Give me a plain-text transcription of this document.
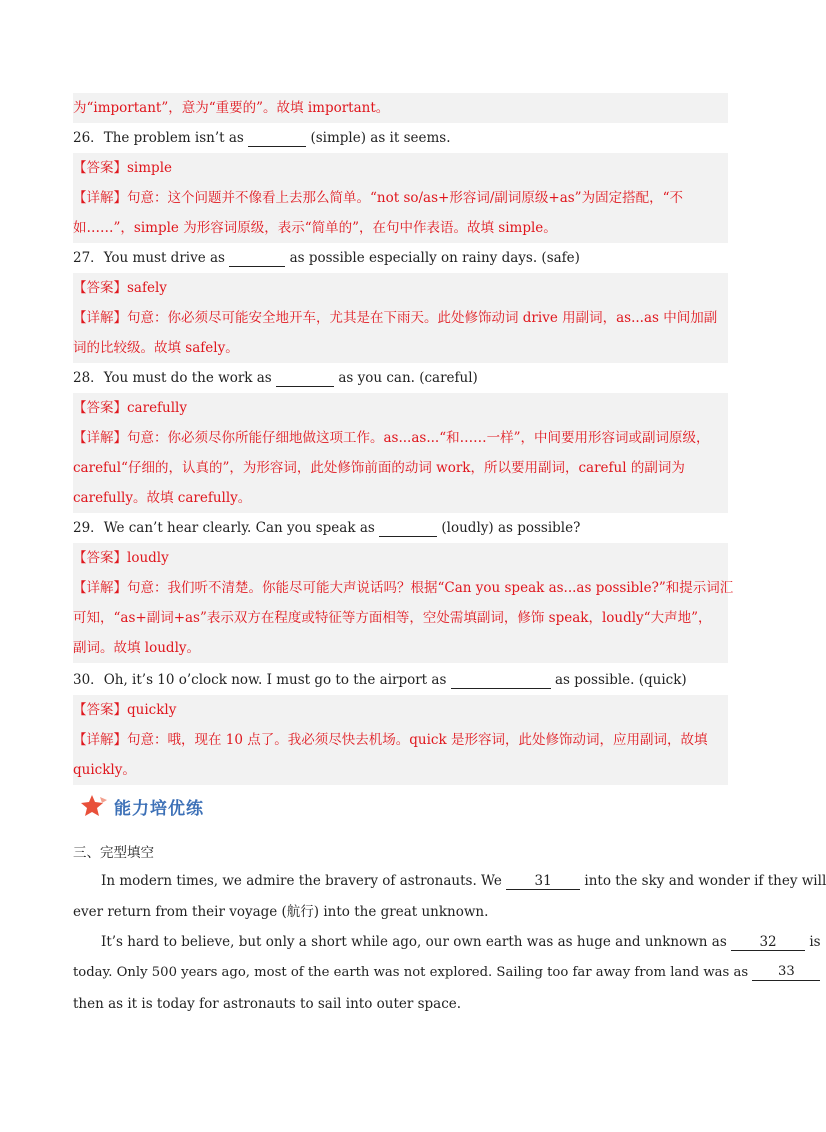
为“important”，意为“重要的”。故填 important。
26．The problem isn’t as	(simple) as it seems.
【答案】simple
【详解】句意：这个问题并不像看上去那么简单。“not so/as+形容词/副词原级+as”为固定搭配，“不
如……”，simple 为形容词原级，表示“简单的”，在句中作表语。故填 simple。
27．You must drive as	as possible especially on rainy days. (safe)
【答案】safely
【详解】句意：你必须尽可能安全地开车，尤其是在下雨天。此处修饰动词 drive 用副词，as...as 中间加副
词的比较级。故填 safely。
28．You must do the work as	as you can. (careful)
【答案】carefully
【详解】句意：你必须尽你所能仔细地做这项工作。as...as...“和……一样”，中间要用形容词或副词原级，
careful“仔细的，认真的”，为形容词，此处修饰前面的动词 work，所以要用副词，careful 的副词为
carefully。故填 carefully。
29．We can’t hear clearly. Can you speak as	(loudly) as possible?
【答案】loudly
【详解】句意：我们听不清楚。你能尽可能大声说话吗？根据“Can you speak as...as possible?”和提示词汇
可知，“as+副词+as”表示双方在程度或特征等方面相等，空处需填副词，修饰 speak，loudly“大声地”，
副词。故填 loudly。
30．Oh, it’s 10 o’clock now. I must go to the airport as	as possible. (quick)
【答案】quickly
【详解】句意：哦，现在 10 点了。我必须尽快去机场。quick 是形容词，此处修饰动词，应用副词，故填
quickly。
能力培优练
三、完型填空
In modern times, we admire the bravery of astronauts. We 31 into the sky and wonder if they will
ever return from their voyage (航行) into the great unknown.
It’s hard to believe, but only a short while ago, our own earth was as huge and unknown as 32 is
today. Only 500 years ago, most of the earth was not explored. Sailing too far away from land was as 33
then as it is today for astronauts to sail into outer space.
